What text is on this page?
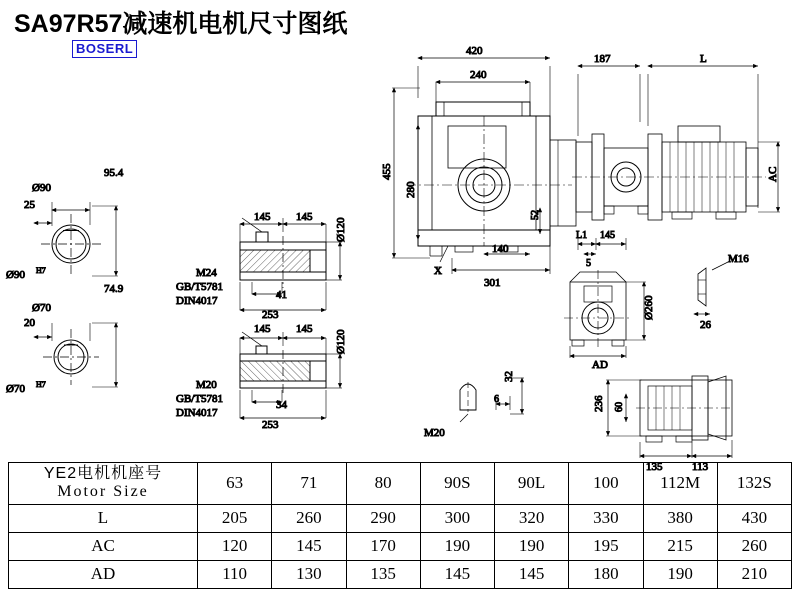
SA97R57减速机电机尺寸图纸
BOSERL
Ø90
25
95.4
Ø90 H7
Ø70
20
74.9
Ø70 H7
145 145
Ø120
M24
GB/T5781
DIN4017	41
253
145 145
Ø120
M20
GB/T5781
DIN4017
34
253
420
240
455
280
52
X
140
301
187	L
AC
L1 145
5
Ø260
AD
M16
26
M20
6
32
236 60
135	113
YE2电机机座号
Motor Size	63	71	80	90S	90L	100	112M	132S
L	205	260	290	300	320	330	380	430
AC	120	145	170	190	190	195	215	260
AD	110	130	135	145	145	180	190	210
